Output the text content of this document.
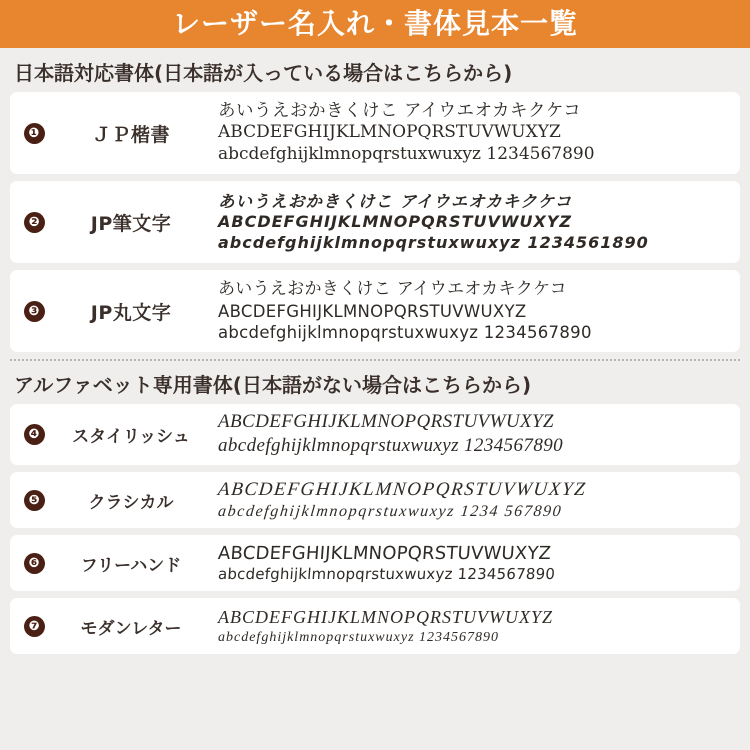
レーザー名入れ・書体見本一覧
日本語対応書体(日本語が入っている場合はこちらから)
❶	ＪＰ楷書
あいうえおかきくけこ アイウエオカキクケコ
ABCDEFGHIJKLMNOPQRSTUVWUXYZ
abcdefghijklmnopqrstuxwuxyz 1234567890
❷	JP筆文字
あいうえおかきくけこ アイウエオカキクケコ
ABCDEFGHIJKLMNOPQRSTUVWUXYZ
abcdefghijklmnopqrstuxwuxyz 1234561890
❸	JP丸文字
あいうえおかきくけこ アイウエオカキクケコ
ABCDEFGHIJKLMNOPQRSTUVWUXYZ
abcdefghijklmnopqrstuxwuxyz 1234567890
アルファベット専用書体(日本語がない場合はこちらから)
❹	スタイリッシュ
ABCDEFGHIJKLMNOPQRSTUVWUXYZ
abcdefghijklmnopqrstuxwuxyz 1234567890
❺	クラシカル
ABCDEFGHIJKLMNOPQRSTUVWUXYZ
abcdefghijklmnopqrstuxwuxyz 1234 567890
❻	フリーハンド
ABCDEFGHIJKLMNOPQRSTUVWUXYZ
abcdefghijklmnopqrstuxwuxyz 1234567890
❼	モダンレター
ABCDEFGHIJKLMNOPQRSTUVWUXYZ
abcdefghijklmnopqrstuxwuxyz 1234567890
